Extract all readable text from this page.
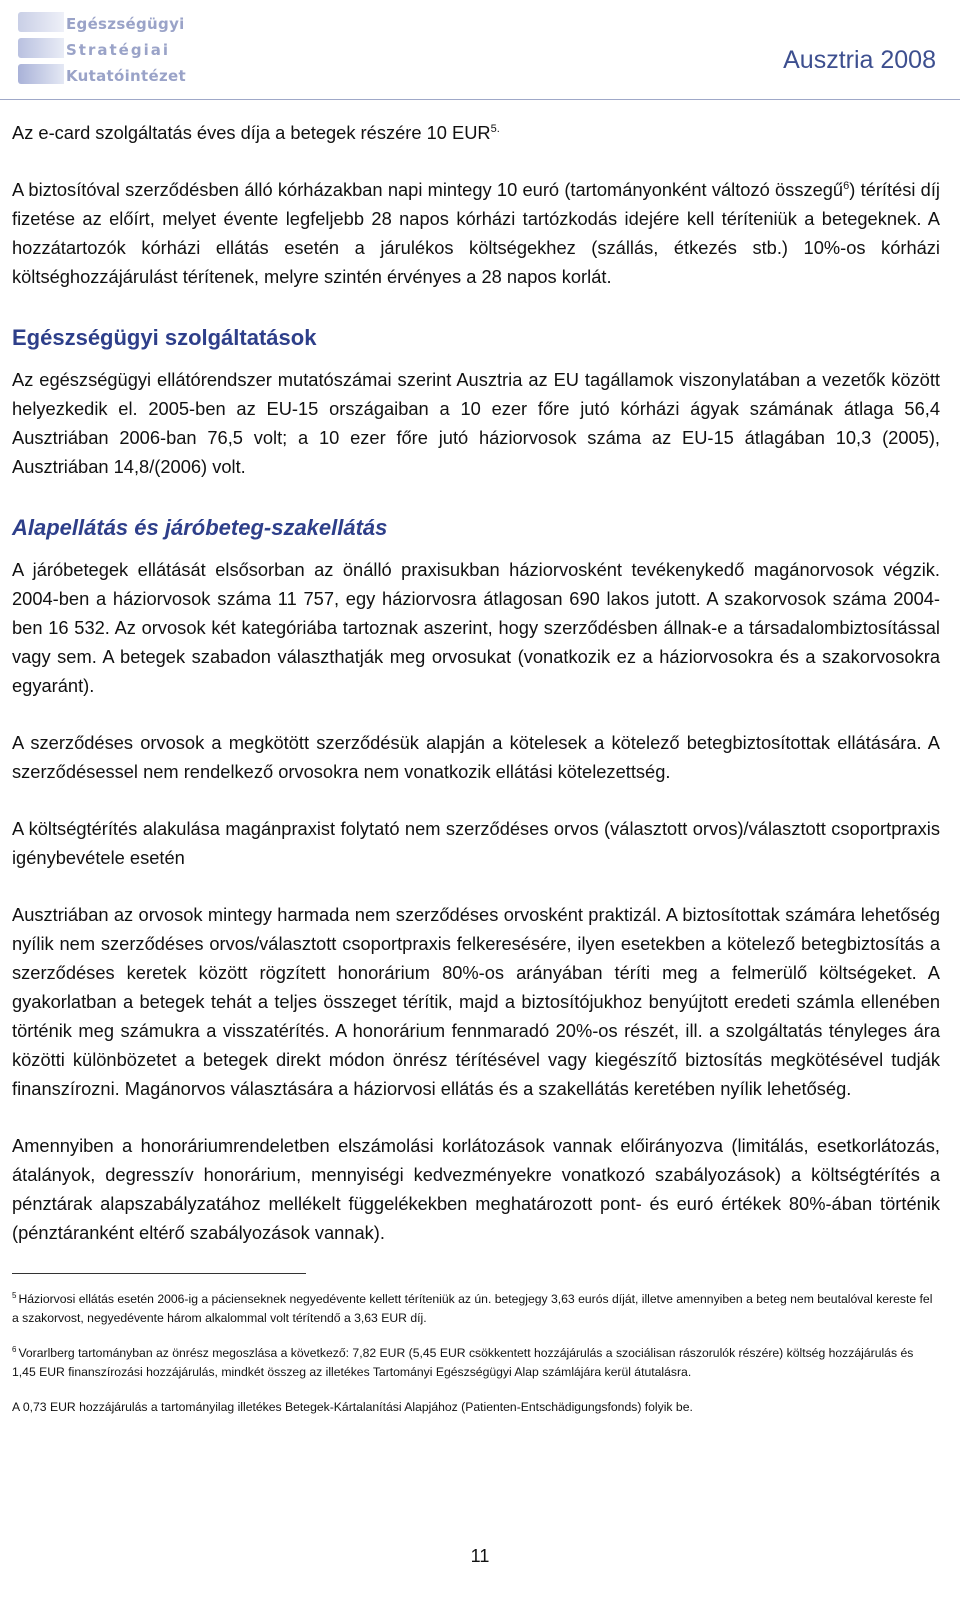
Egészségügyi
Stratégiai
Kutatóintézet
Ausztria 2008

Az e-card szolgáltatás éves díja a betegek részére 10 EUR$^{5.}$

A biztosítóval szerződésben álló kórházakban napi mintegy 10 euró (tartományonként változó összegű$^6$) térítési díj fizetése az előírt, melyet évente legfeljebb 28 napos kórházi tartózkodás idejére kell téríteniük a betegeknek. A hozzátartozók kórházi ellátás esetén a járulékos költségekhez (szállás, étkezés stb.) 10%-os kórházi költséghozzájárulást térítenek, melyre szintén érvényes a 28 napos korlát.

Egészségügyi szolgáltatások

Az egészségügyi ellátórendszer mutatószámai szerint Ausztria az EU tagállamok viszonylatában a vezetők között helyezkedik el. 2005-ben az EU-15 országaiban a 10 ezer főre jutó kórházi ágyak számának átlaga 56,4 Ausztriában 2006-ban 76,5 volt; a 10 ezer főre jutó háziorvosok száma az EU-15 átlagában 10,3 (2005), Ausztriában 14,8/(2006) volt.

Alapellátás és járóbeteg-szakellátás

A járóbetegek ellátását elsősorban az önálló praxisukban háziorvosként tevékenykedő magánorvosok végzik. 2004-ben a háziorvosok száma 11 757, egy háziorvosra átlagosan 690 lakos jutott. A szakorvosok száma 2004-ben 16 532. Az orvosok két kategóriába tartoznak aszerint, hogy szerződésben állnak-e a társadalombiztosítással vagy sem. A betegek szabadon választhatják meg orvosukat (vonatkozik ez a háziorvosokra és a szakorvosokra egyaránt).

A szerződéses orvosok a megkötött szerződésük alapján a kötelesek a kötelező betegbiztosítottak ellátására. A szerződésessel nem rendelkező orvosokra nem vonatkozik ellátási kötelezettség.

A költségtérítés alakulása magánpraxist folytató nem szerződéses orvos (választott orvos)/választott csoportpraxis igénybevétele esetén

Ausztriában az orvosok mintegy harmada nem szerződéses orvosként praktizál. A biztosítottak számára lehetőség nyílik nem szerződéses orvos/választott csoportpraxis felkeresésére, ilyen esetekben a kötelező betegbiztosítás a szerződéses keretek között rögzített honorárium 80%-os arányában téríti meg a felmerülő költségeket. A gyakorlatban a betegek tehát a teljes összeget térítik, majd a biztosítójukhoz benyújtott eredeti számla ellenében történik meg számukra a visszatérítés. A honorárium fennmaradó 20%-os részét, ill. a szolgáltatás tényleges ára közötti különbözetet a betegek direkt módon önrész térítésével vagy kiegészítő biztosítás megkötésével tudják finanszírozni. Magánorvos választására a háziorvosi ellátás és a szakellátás keretében nyílik lehetőség.

Amennyiben a honoráriumrendeletben elszámolási korlátozások vannak előirányozva (limitálás, esetkorlátozás, átalányok, degresszív honorárium, mennyiségi kedvezményekre vonatkozó szabályozások) a költségtérítés a pénztárak alapszabályzatához mellékelt függelékekben meghatározott pont- és euró értékek 80%-ában történik (pénztáranként eltérő szabályozások vannak).

$^5$ Háziorvosi ellátás esetén 2006-ig a pácienseknek negyedévente kellett téríteniük az ún. betegjegy 3,63 eurós díját, illetve amennyiben a beteg nem beutalóval kereste fel a szakorvost, negyedévente három alkalommal volt térítendő a 3,63 EUR díj.

$^6$ Vorarlberg tartományban az önrész megoszlása a következő: 7,82 EUR (5,45 EUR csökkentett hozzájárulás a szociálisan rászorulók részére) költség hozzájárulás és 1,45 EUR finanszírozási hozzájárulás, mindkét összeg az illetékes Tartományi Egészségügyi Alap számlájára kerül átutalásra.

A 0,73 EUR hozzájárulás a tartományilag illetékes Betegek-Kártalanítási Alapjához (Patienten-Entschädigungsfonds) folyik be.

11
